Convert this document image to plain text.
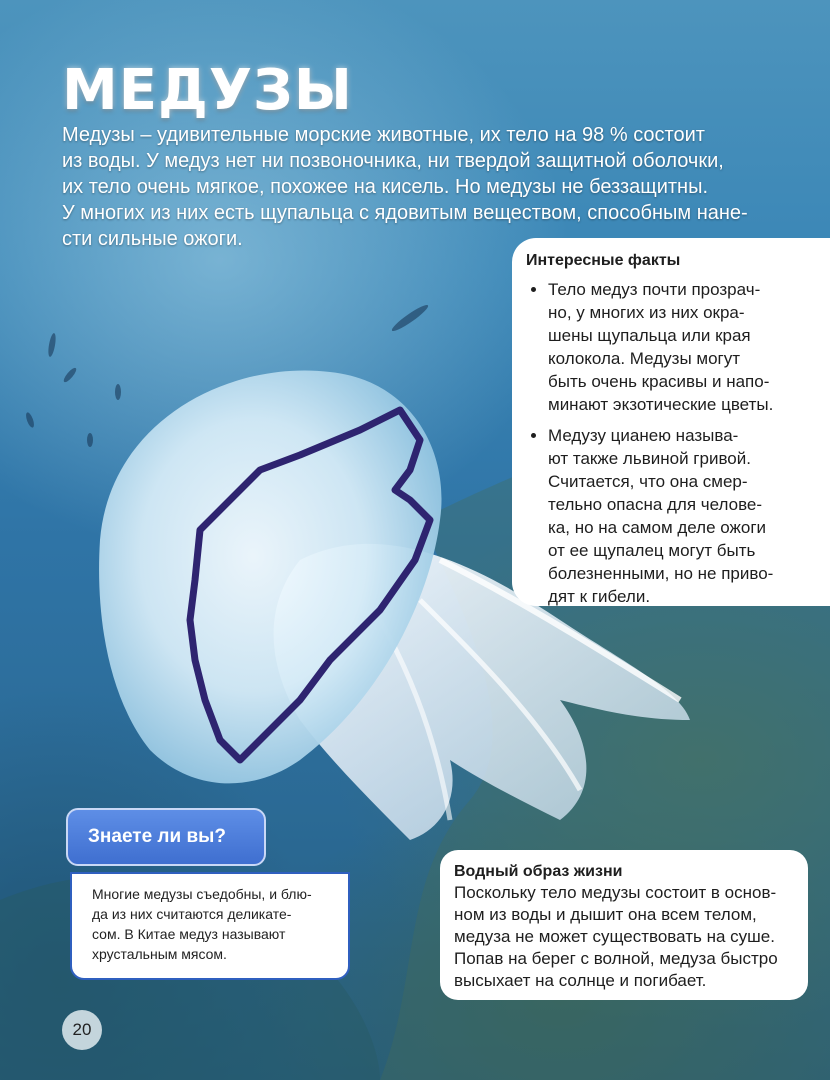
МЕДУЗЫ
Медузы – удивительные морские животные, их тело на 98 % состоит
из воды. У медуз нет ни позвоночника, ни твердой защитной оболочки,
их тело очень мягкое, похожее на кисель. Но медузы не беззащитны.
У многих из них есть щупальца с ядовитым веществом, способным нане-
сти сильные ожоги.
Интересные факты
• Тело медуз почти прозрач-
но, у многих из них окра-
шены щупальца или края
колокола. Медузы могут
быть очень красивы и напо-
минают экзотические цветы.
• Медузу цианею называ-
ют также львиной гривой.
Считается, что она смер-
тельно опасна для челове-
ка, но на самом деле ожоги
от ее щупалец могут быть
болезненными, но не приво-
дят к гибели.
Знаете ли вы?
Многие медузы съедобны, и блю-
да из них считаются деликате-
сом. В Китае медуз называют
хрустальным мясом.
Водный образ жизни

Поскольку тело медузы состоит в основ-
ном из воды и дышит она всем телом,
медуза не может существовать на суше.
Попав на берег с волной, медуза быстро
высыхает на солнце и погибает.

20
